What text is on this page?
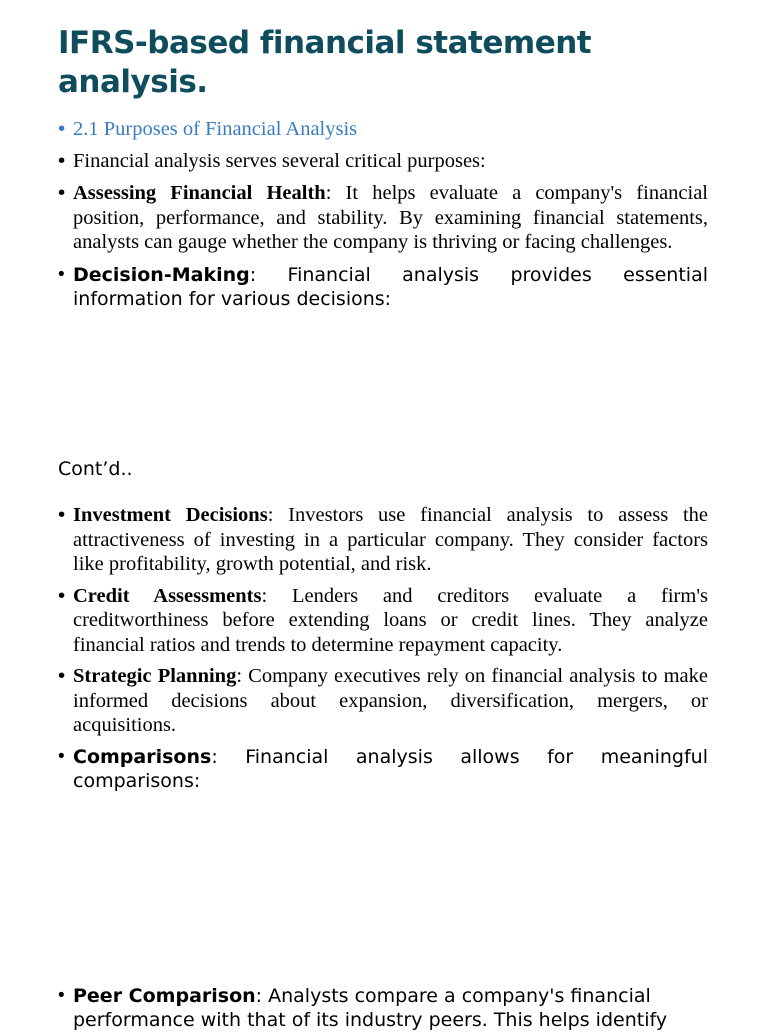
IFRS-based financial statement analysis.
• 2.1 Purposes of Financial Analysis
• Financial analysis serves several critical purposes:
• Assessing Financial Health: It helps evaluate a company's financial position, performance, and stability. By examining financial statements, analysts can gauge whether the company is thriving or facing challenges.
• Decision-Making: Financial analysis provides essential information for various decisions:

Cont’d..

• Investment Decisions: Investors use financial analysis to assess the attractiveness of investing in a particular company. They consider factors like profitability, growth potential, and risk.
• Credit Assessments: Lenders and creditors evaluate a firm's creditworthiness before extending loans or credit lines. They analyze financial ratios and trends to determine repayment capacity.
• Strategic Planning: Company executives rely on financial analysis to make informed decisions about expansion, diversification, mergers, or acquisitions.
• Comparisons: Financial analysis allows for meaningful comparisons:
• Peer Comparison: Analysts compare a company's financial performance with that of its industry peers. This helps identify
